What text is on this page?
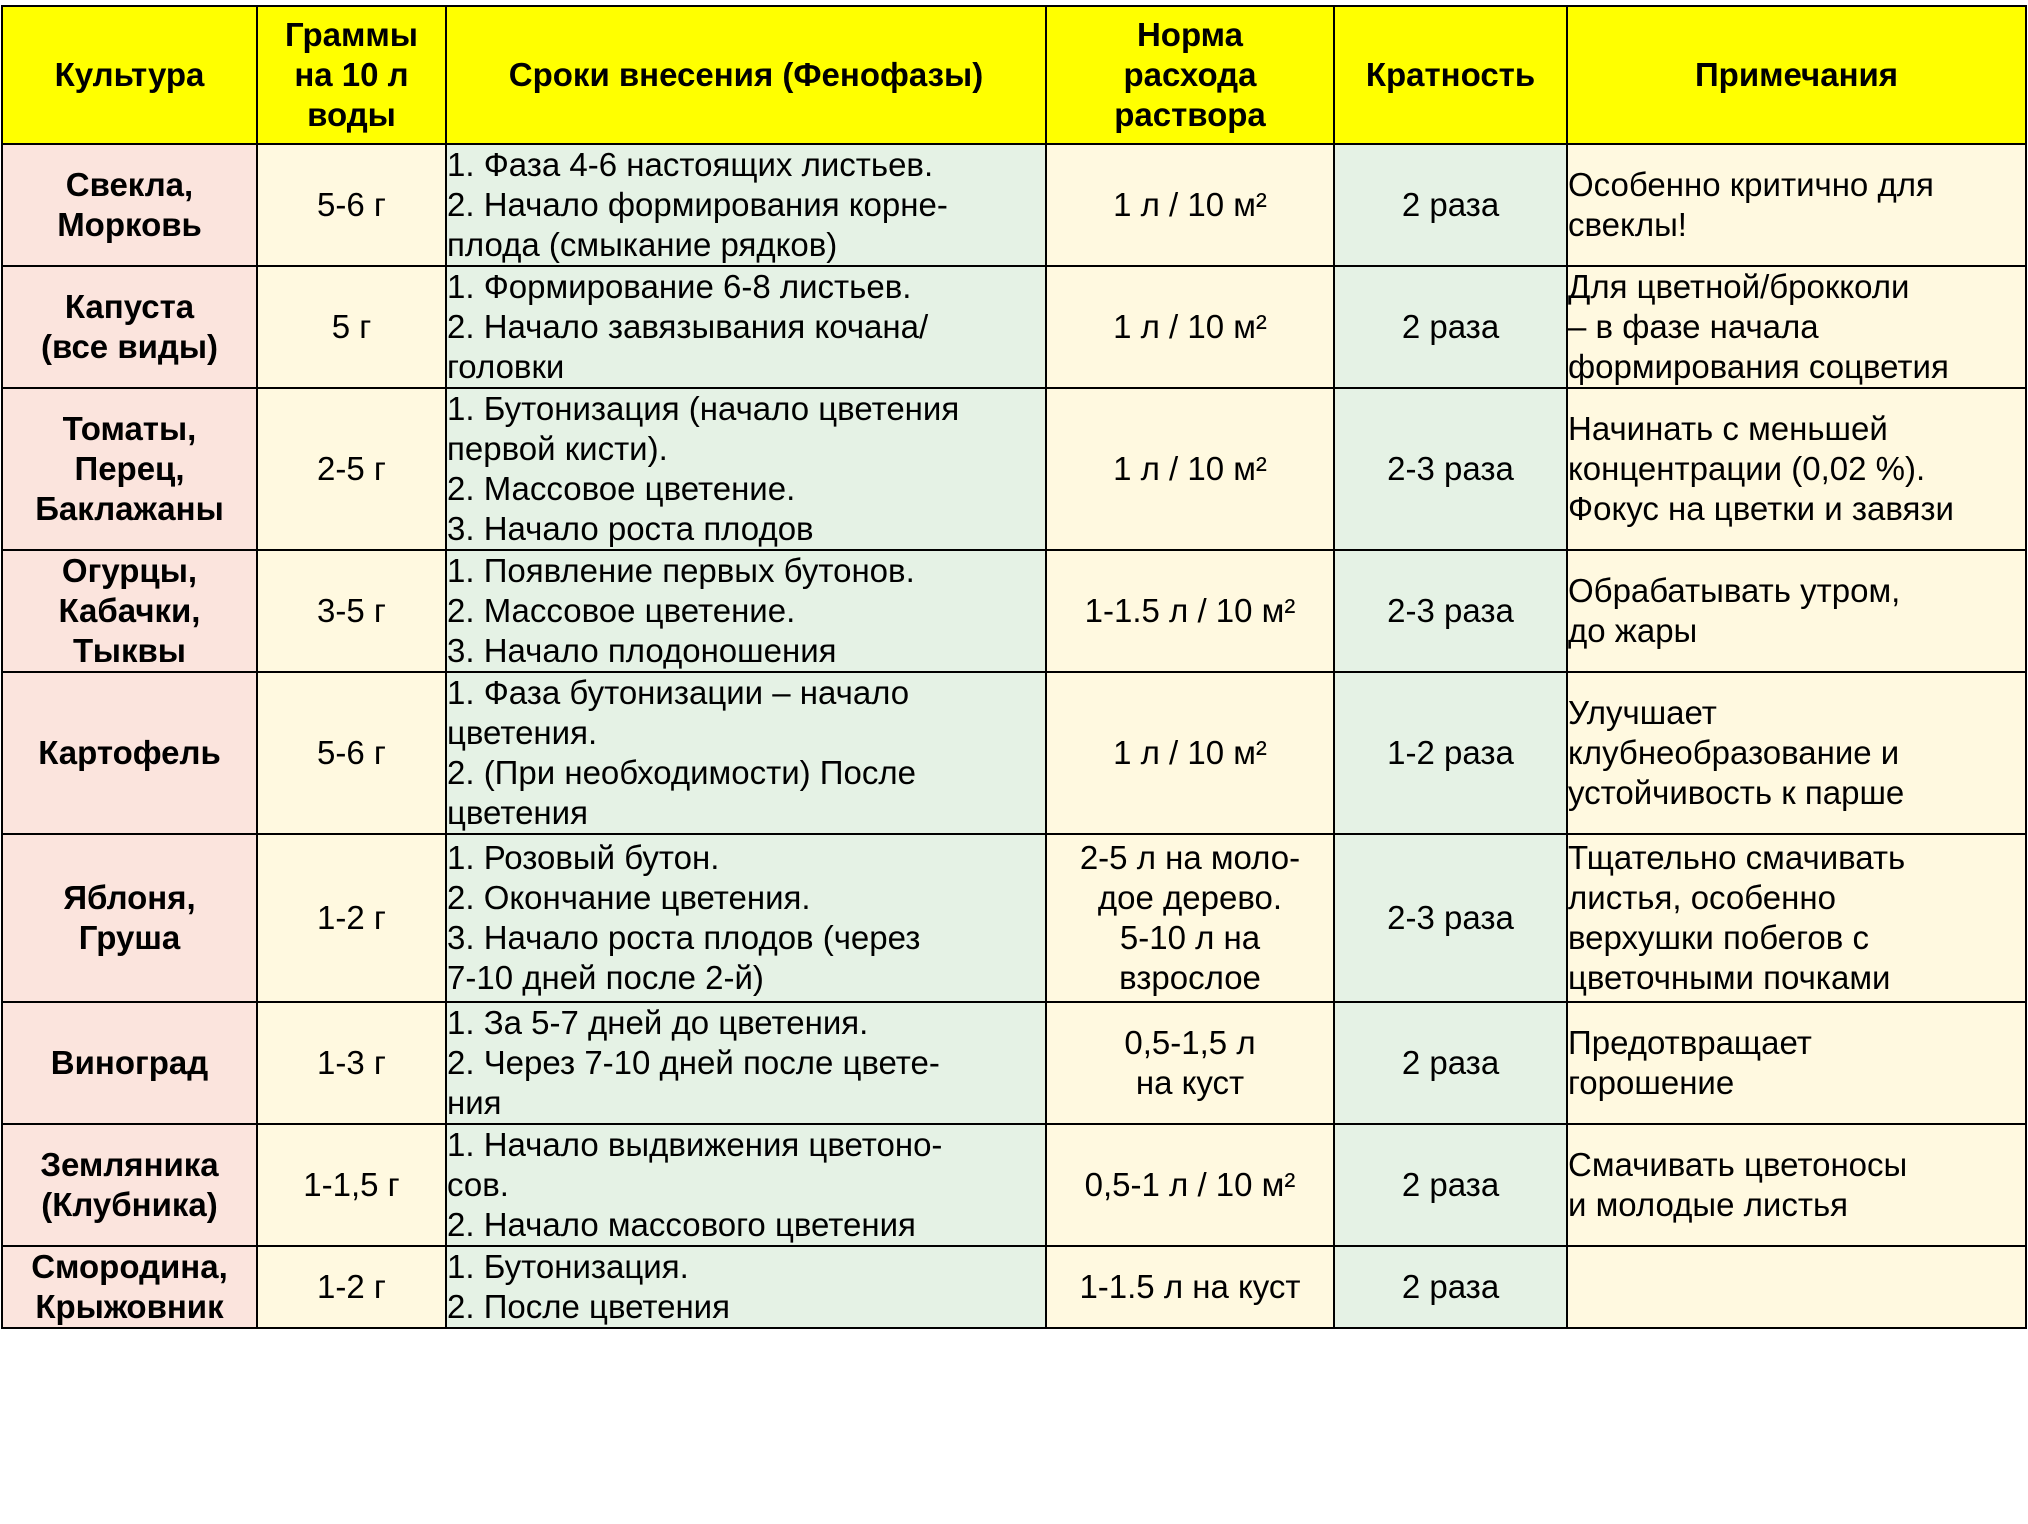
Культура	Граммы
на 10 л
воды	Сроки внесения (Фенофазы)	Норма
расхода
раствора	Кратность	Примечания

Свекла,
Морковь	5-6 г	1. Фаза 4-6 настоящих листьев.
2. Начало формирования корне-
плода (смыкание рядков)	1 л / 10 м²	2 раза	Особенно критично для
свеклы!

Капуста
(все виды)	5 г	1. Формирование 6-8 листьев.
2. Начало завязывания кочана/
головки	1 л / 10 м²	2 раза	Для цветной/брокколи
– в фазе начала
формирования соцветия

Томаты,
Перец,
Баклажаны	2-5 г	1. Бутонизация (начало цветения
первой кисти).
2. Массовое цветение.
3. Начало роста плодов	1 л / 10 м²	2-3 раза	Начинать с меньшей
концентрации (0,02 %).
Фокус на цветки и завязи

Огурцы,
Кабачки,
Тыквы	3-5 г	1. Появление первых бутонов.
2. Массовое цветение.
3. Начало плодоношения	1-1.5 л / 10 м²	2-3 раза	Обрабатывать утром,
до жары

Картофель	5-6 г	1. Фаза бутонизации – начало
цветения.
2. (При необходимости) После
цветения	1 л / 10 м²	1-2 раза	Улучшает
клубнеобразование и
устойчивость к парше

Яблоня,
Груша	1-2 г	1. Розовый бутон.
2. Окончание цветения.
3. Начало роста плодов (через
7-10 дней после 2-й)	2-5 л на моло-
дое дерево.
5-10 л на
взрослое	2-3 раза	Тщательно смачивать
листья, особенно
верхушки побегов с
цветочными почками

Виноград	1-3 г	1. За 5-7 дней до цветения.
2. Через 7-10 дней после цвете-
ния	0,5-1,5 л
на куст	2 раза	Предотвращает
горошение

Земляника
(Клубника)	1-1,5 г	1. Начало выдвижения цветоно-
сов.
2. Начало массового цветения	0,5-1 л / 10 м²	2 раза	Смачивать цветоносы
и молодые листья

Смородина,
Крыжовник	1-2 г	1. Бутонизация.
2. После цветения	1-1.5 л на куст	2 раза	
